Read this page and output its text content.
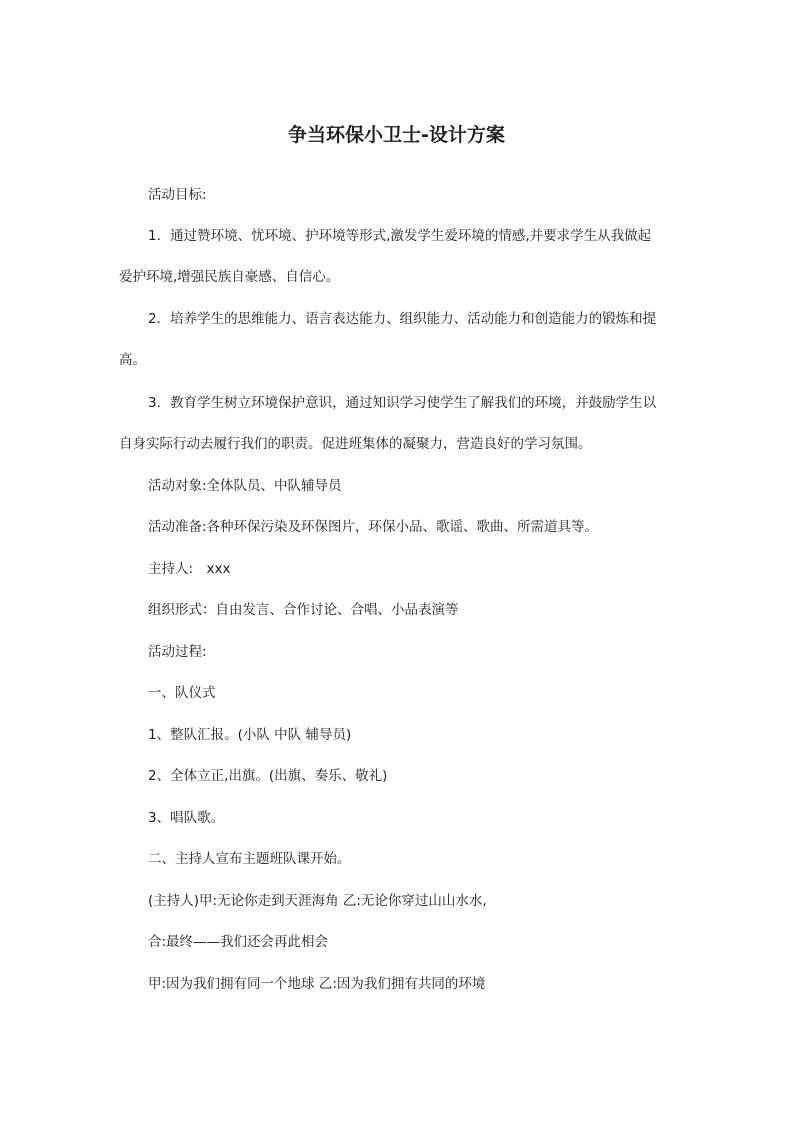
争当环保小卫士-设计方案

活动目标:

1．通过赞环境、忧环境、护环境等形式,激发学生爱环境的情感,并要求学生从我做起

爱护环境,增强民族自豪感、自信心。

2．培养学生的思维能力、语言表达能力、组织能力、活动能力和创造能力的锻炼和提

高。

3．教育学生树立环境保护意识，通过知识学习使学生了解我们的环境，并鼓励学生以

自身实际行动去履行我们的职责。促进班集体的凝聚力，营造良好的学习氛围。

活动对象:全体队员、中队辅导员

活动准备:各种环保污染及环保图片，环保小品、歌谣、歌曲、所需道具等。

主持人:　xxx

组织形式：自由发言、合作讨论、合唱、小品表演等

活动过程:

一、队仪式

1、整队汇报。(小队 中队 辅导员)

2、全体立正,出旗。(出旗、奏乐、敬礼)

3、唱队歌。

二、主持人宣布主题班队课开始。

(主持人)甲:无论你走到天涯海角 乙:无论你穿过山山水水,

合:最终——我们还会再此相会

甲:因为我们拥有同一个地球 乙:因为我们拥有共同的环境
